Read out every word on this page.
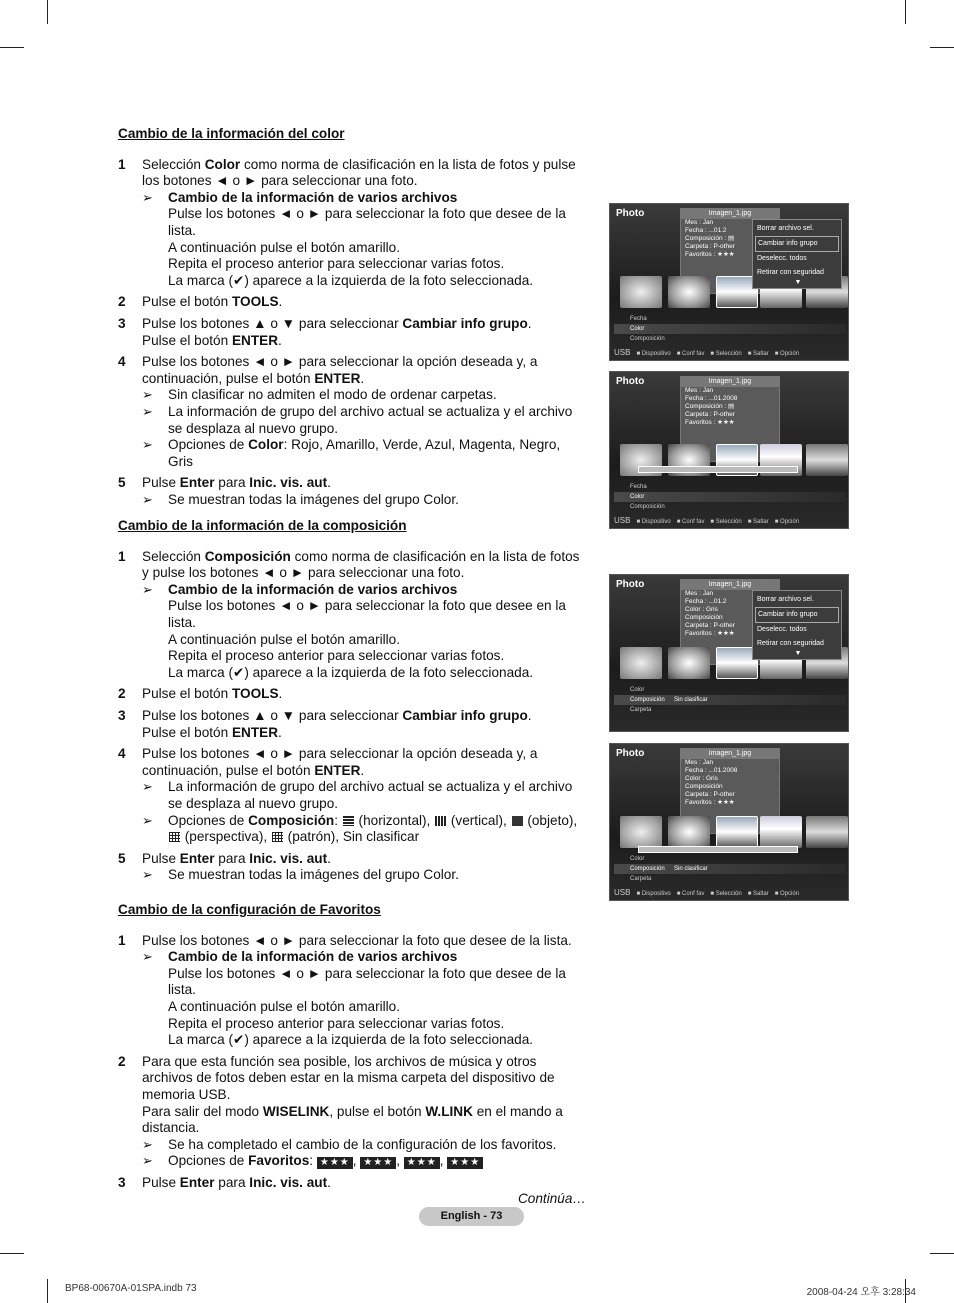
Cambio de la información del color
1 Selección Color como norma de clasificación en la lista de fotos y pulse los botones ◄ o ► para seleccionar una foto.
➢ Cambio de la información de varios archivos
Pulse los botones ◄ o ► para seleccionar la foto que desee de la lista.
A continuación pulse el botón amarillo.
Repita el proceso anterior para seleccionar varias fotos.
La marca (✔) aparece a la izquierda de la foto seleccionada.
2 Pulse el botón TOOLS.
3 Pulse los botones ▲ o ▼ para seleccionar Cambiar info grupo.
Pulse el botón ENTER.
4 Pulse los botones ◄ o ► para seleccionar la opción deseada y, a continuación, pulse el botón ENTER.
➢ Sin clasificar no admiten el modo de ordenar carpetas.
➢ La información de grupo del archivo actual se actualiza y el archivo se desplaza al nuevo grupo.
➢ Opciones de Color: Rojo, Amarillo, Verde, Azul, Magenta, Negro, Gris
5 Pulse Enter para Inic. vis. aut.
➢ Se muestran todas la imágenes del grupo Color.
Cambio de la información de la composición
1 Selección Composición como norma de clasificación en la lista de fotos y pulse los botones ◄ o ► para seleccionar una foto.
➢ Cambio de la información de varios archivos
Pulse los botones ◄ o ► para seleccionar la foto que desee en la lista.
A continuación pulse el botón amarillo.
Repita el proceso anterior para seleccionar varias fotos.
La marca (✔) aparece a la izquierda de la foto seleccionada.
2 Pulse el botón TOOLS.
3 Pulse los botones ▲ o ▼ para seleccionar Cambiar info grupo.
Pulse el botón ENTER.
4 Pulse los botones ◄ o ► para seleccionar la opción deseada y, a continuación, pulse el botón ENTER.
➢ La información de grupo del archivo actual se actualiza y el archivo se desplaza al nuevo grupo.
➢ Opciones de Composición:  (horizontal),  (vertical),  (objeto),  (perspectiva),  (patrón), Sin clasificar
5 Pulse Enter para Inic. vis. aut.
➢ Se muestran todas la imágenes del grupo Color.
Cambio de la configuración de Favoritos
1 Pulse los botones ◄ o ► para seleccionar la foto que desee de la lista.
➢ Cambio de la información de varios archivos
Pulse los botones ◄ o ► para seleccionar la foto que desee de la lista.
A continuación pulse el botón amarillo.
Repita el proceso anterior para seleccionar varias fotos.
La marca (✔) aparece a la izquierda de la foto seleccionada.
2 Para que esta función sea posible, los archivos de música y otros archivos de fotos deben estar en la misma carpeta del dispositivo de memoria USB.
Para salir del modo WISELINK, pulse el botón W.LINK en el mando a distancia.
➢ Se ha completado el cambio de la configuración de los favoritos.
➢ Opciones de Favoritos: ★★★ , ★★★ , ★★★ , ★★★
3 Pulse Enter para Inic. vis. aut.
Continúa…
Photo	Imagen_1.jpg
Mes : Jan
Fecha : ...01.2
Composición : ▤
Carpeta : P-other
Favoritos : ★★★
Borrar archivo sel.
Cambiar info grupo
Deselecc. todos
Retirar con seguridad
▼
Fecha
Color
Composición
USB ■ Dispositivo ■ Conf fav ■ Selección ■ Saltar ■ Opción
Photo	Imagen_1.jpg
Mes : Jan
Fecha : ...01.2008
Composición : ▤
Carpeta : P-other
Favoritos : ★★★
Fecha
Color
Composición
USB ■ Dispositivo ■ Conf fav ■ Selección ■ Saltar ■ Opción
Photo	Imagen_1.jpg
Mes : Jan
Fecha : ...01.2
Color : Gris
Composición
Carpeta : P-other
Favoritos : ★★★
Borrar archivo sel.
Cambiar info grupo
Deselecc. todos
Retirar con seguridad
▼
Color
Composición Sin clasificar
Carpeta
Photo	Imagen_1.jpg
Mes : Jan
Fecha : ...01.2008
Color : Gris
Composición
Carpeta : P-other
Favoritos : ★★★
Color
Composición Sin clasificar
Carpeta
USB ■ Dispositivo ■ Conf fav ■ Selección ■ Saltar ■ Opción
English - 73
BP68-00670A-01SPA.indb 73	2008-04-24 오후 3:28:34
